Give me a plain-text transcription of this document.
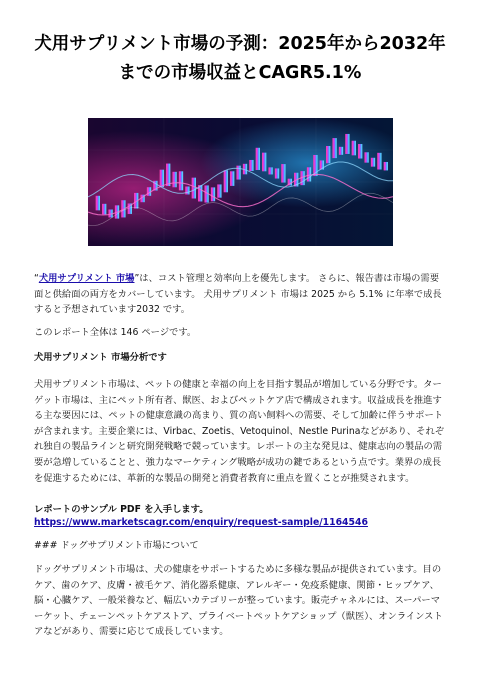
犬用サプリメント市場の予測：2025年から2032年までの市場収益とCAGR5.1%

“犬用サプリメント 市場”は、コスト管理と効率向上を優先します。 さらに、報告書は市場の需要面と供給面の両方をカバーしています。 犬用サプリメント 市場は 2025 から 5.1% に年率で成長すると予想されています2032 です。

このレポート全体は 146 ページです。

犬用サプリメント 市場分析です

犬用サプリメント市場は、ペットの健康と幸福の向上を目指す製品が増加している分野です。ターゲット市場は、主にペット所有者、獣医、およびペットケア店で構成されます。収益成長を推進する主な要因には、ペットの健康意識の高まり、質の高い飼料への需要、そして加齢に伴うサポートが含まれます。主要企業には、Virbac、Zoetis、Vetoquinol、Nestle Purinaなどがあり、それぞれ独自の製品ラインと研究開発戦略で競っています。レポートの主な発見は、健康志向の製品の需要が急増していることと、強力なマーケティング戦略が成功の鍵であるという点です。業界の成長を促進するためには、革新的な製品の開発と消費者教育に重点を置くことが推奨されます。

レポートのサンプル PDF を入手します。 https://www.marketscagr.com/enquiry/request-sample/1164546

### ドッグサプリメント市場について

ドッグサプリメント市場は、犬の健康をサポートするために多様な製品が提供されています。目のケア、歯のケア、皮膚・被毛ケア、消化器系健康、アレルギー・免疫系健康、関節・ヒップケア、脳・心臓ケア、一般栄養など、幅広いカテゴリーが整っています。販売チャネルには、スーパーマーケット、チェーンペットケアストア、プライベートペットケアショップ（獣医）、オンラインストアなどがあり、需要に応じて成長しています。
